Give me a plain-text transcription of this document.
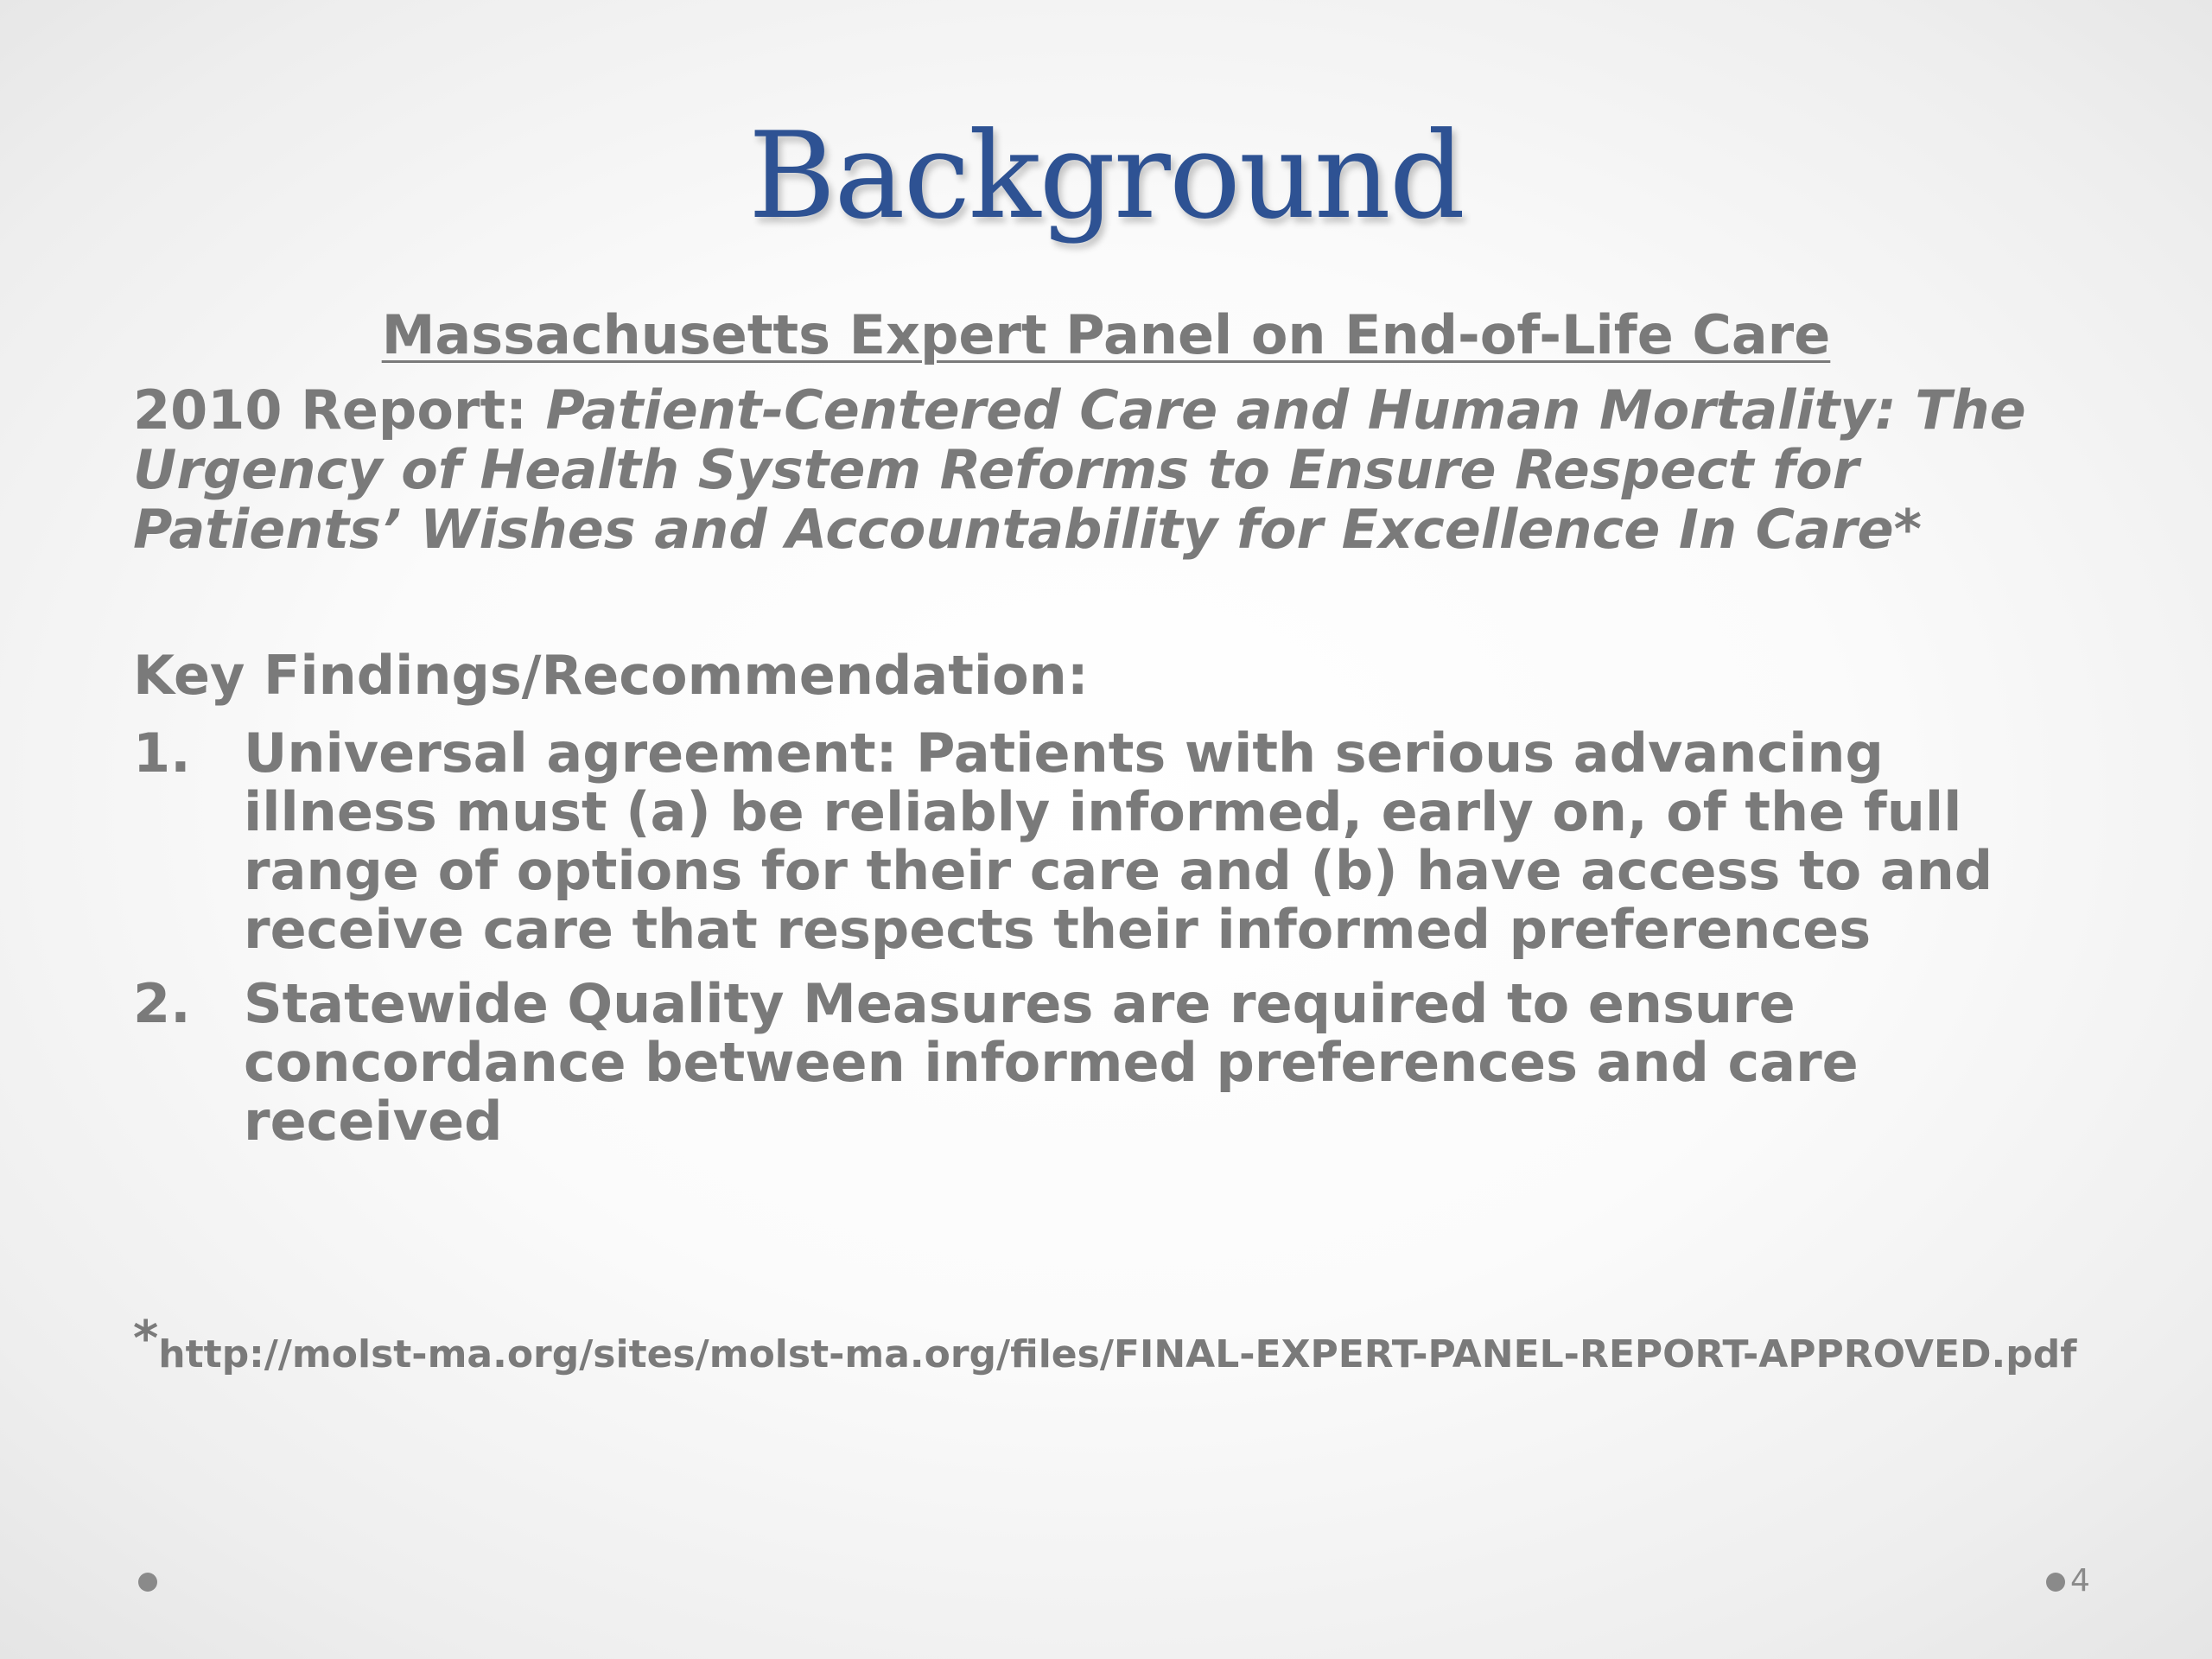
Background
Massachusetts Expert Panel on End-of-Life Care
2010 Report: Patient-Centered Care and Human Mortality: The Urgency of Health System Reforms to Ensure Respect for Patients’ Wishes and Accountability for Excellence In Care*
Key Findings/Recommendation:
1. Universal agreement: Patients with serious advancing illness must (a) be reliably informed, early on, of the full range of options for their care and (b) have access to and receive care that respects their informed preferences
2. Statewide Quality Measures are required to ensure concordance between informed preferences and care received
*http://molst-ma.org/sites/molst-ma.org/files/FINAL-EXPERT-PANEL-REPORT-APPROVED.pdf
4
